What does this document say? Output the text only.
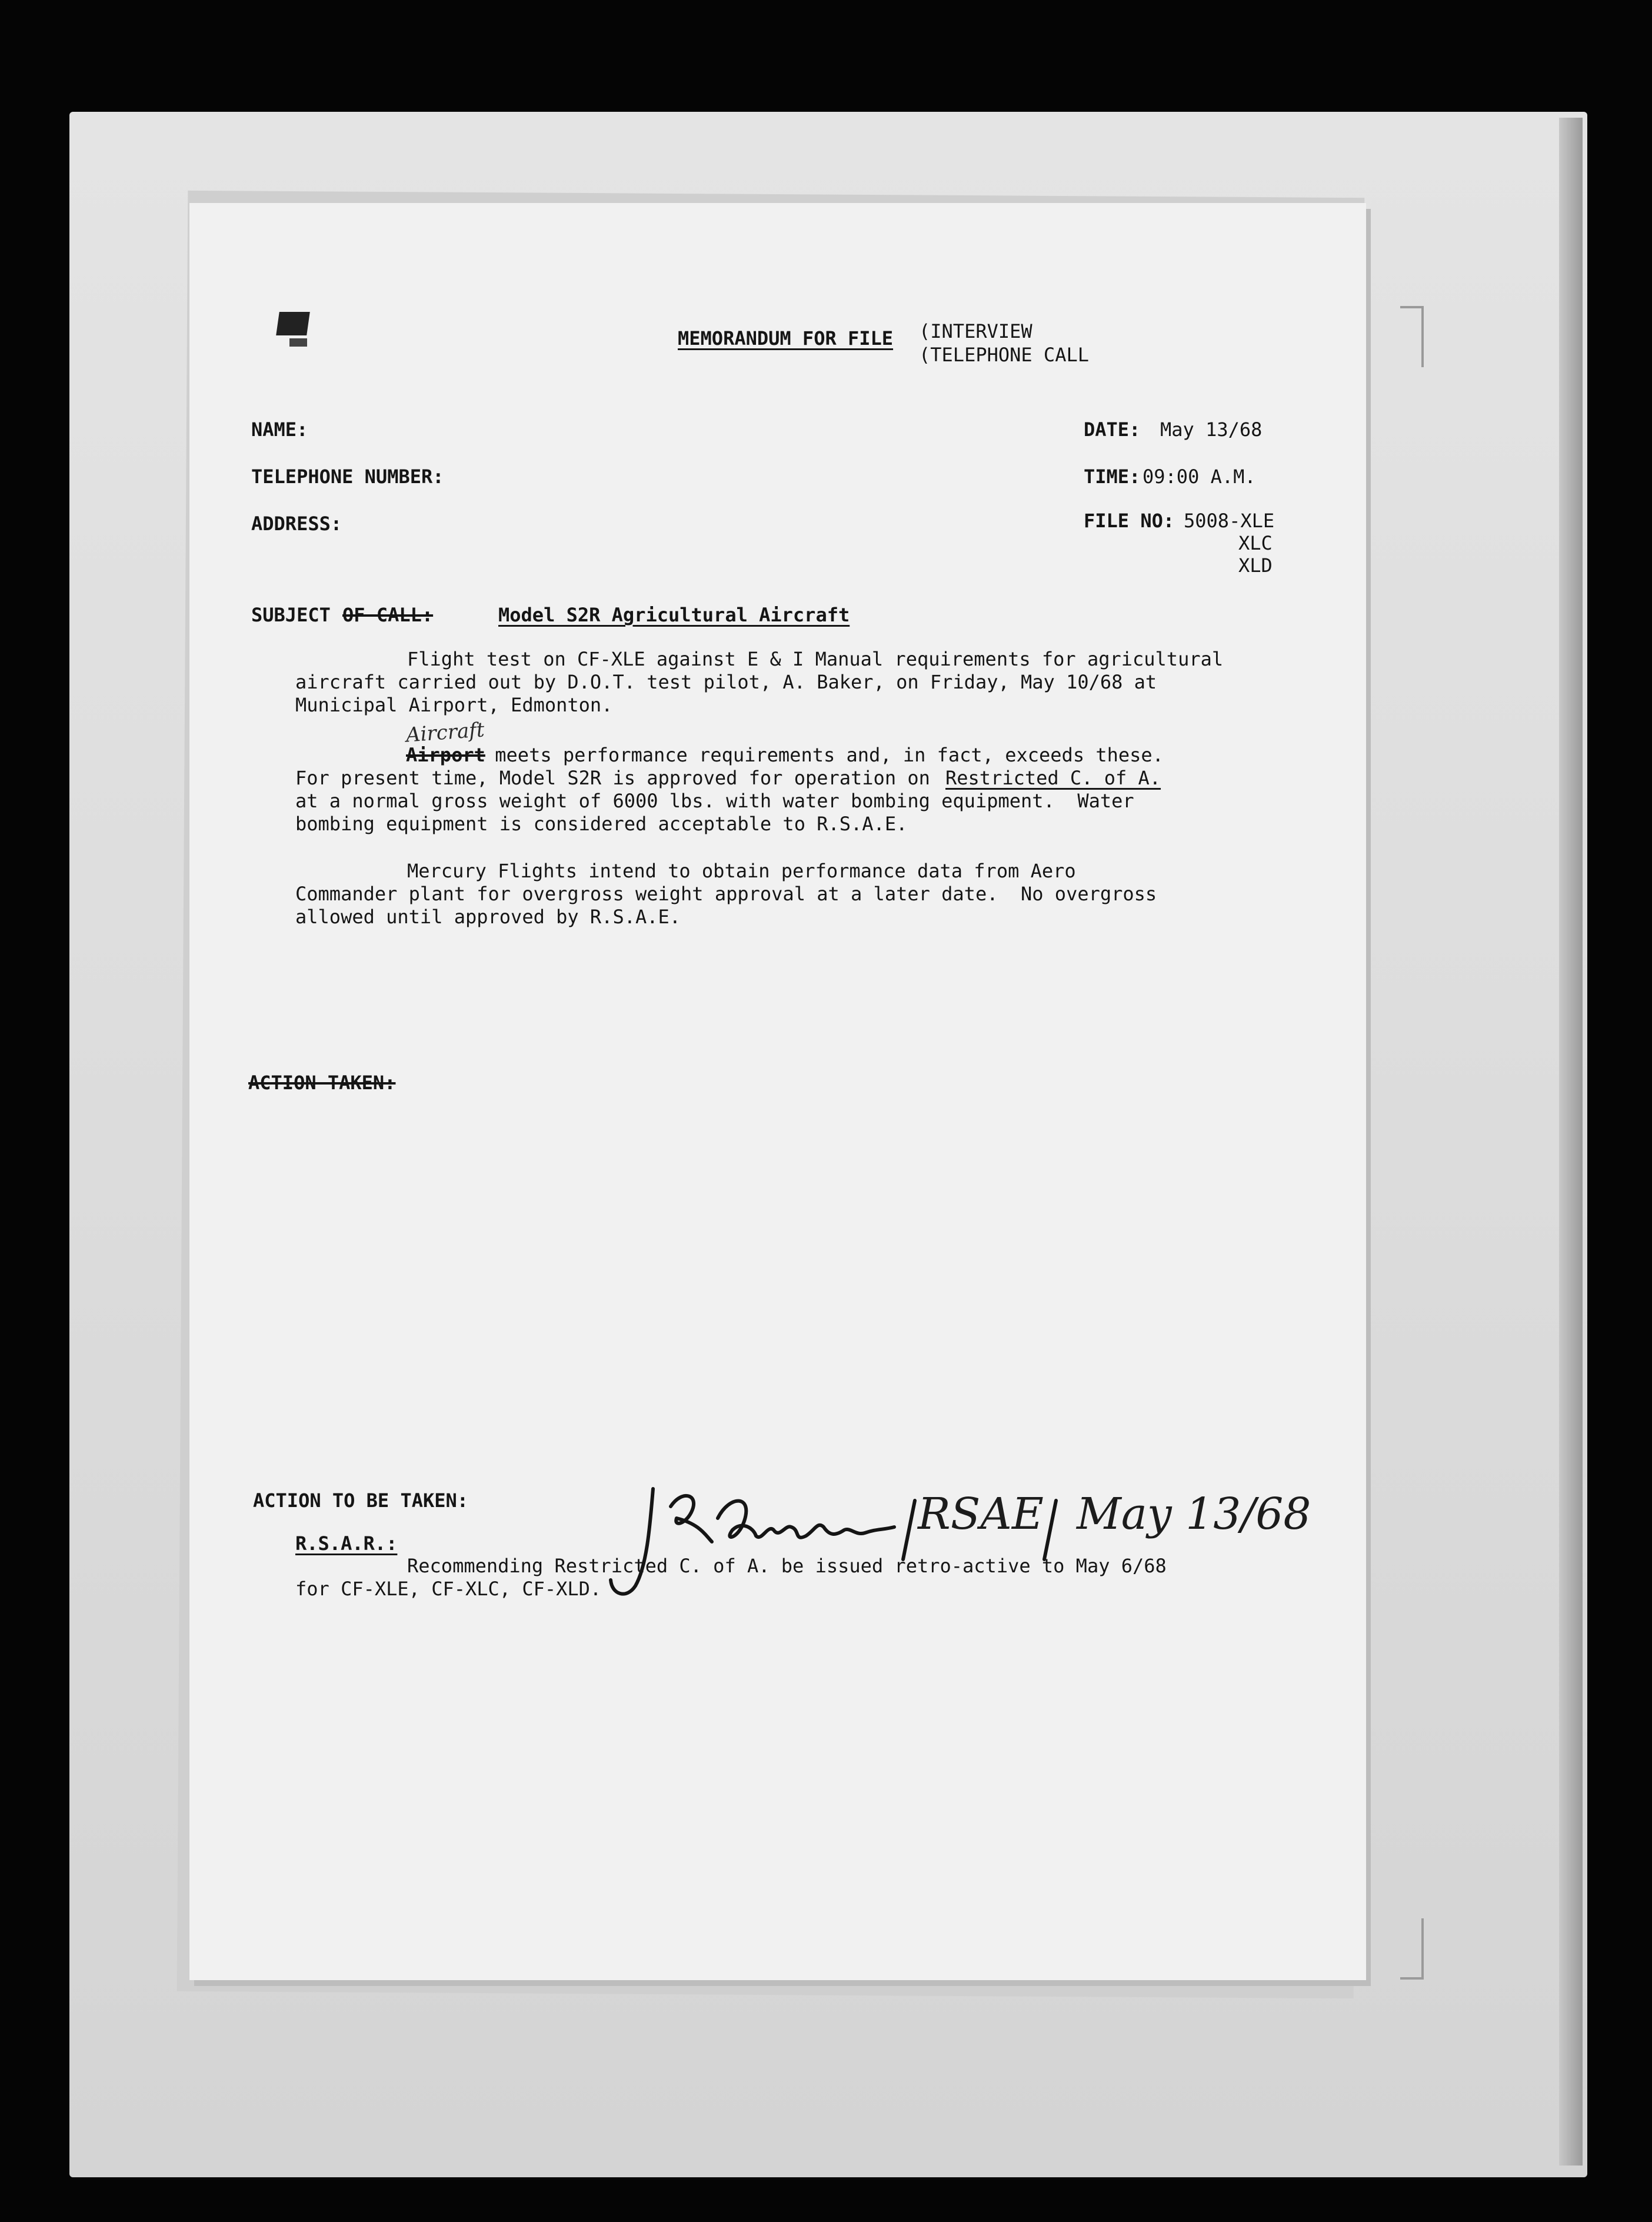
MEMORANDUM FOR FILE (INTERVIEW
(TELEPHONE CALL
NAME:
TELEPHONE NUMBER:
ADDRESS:
DATE: May 13/68
TIME: 09:00 A.M.
FILE NO: 5008-XLE
XLC
XLD
SUBJECT OF CALL:	Model S2R Agricultural Aircraft
Flight test on CF-XLE against E & I Manual requirements for agricultural
aircraft carried out by D.O.T. test pilot, A. Baker, on Friday, May 10/68 at
Municipal Airport, Edmonton.
Aircraft
Airport
meets performance requirements and, in fact, exceeds these.
For present time, Model S2R is approved for operation on Restricted C. of A.
at a normal gross weight of 6000 lbs. with water bombing equipment.  Water
bombing equipment is considered acceptable to R.S.A.E.
Mercury Flights intend to obtain performance data from Aero
Commander plant for overgross weight approval at a later date.  No overgross
allowed until approved by R.S.A.E.
ACTION TAKEN:
ACTION TO BE TAKEN:
R.S.A.R.:
Recommending Restricted C. of A. be issued retro-active to May 6/68
for CF-XLE, CF-XLC, CF-XLD.
RSAE May 13/68
